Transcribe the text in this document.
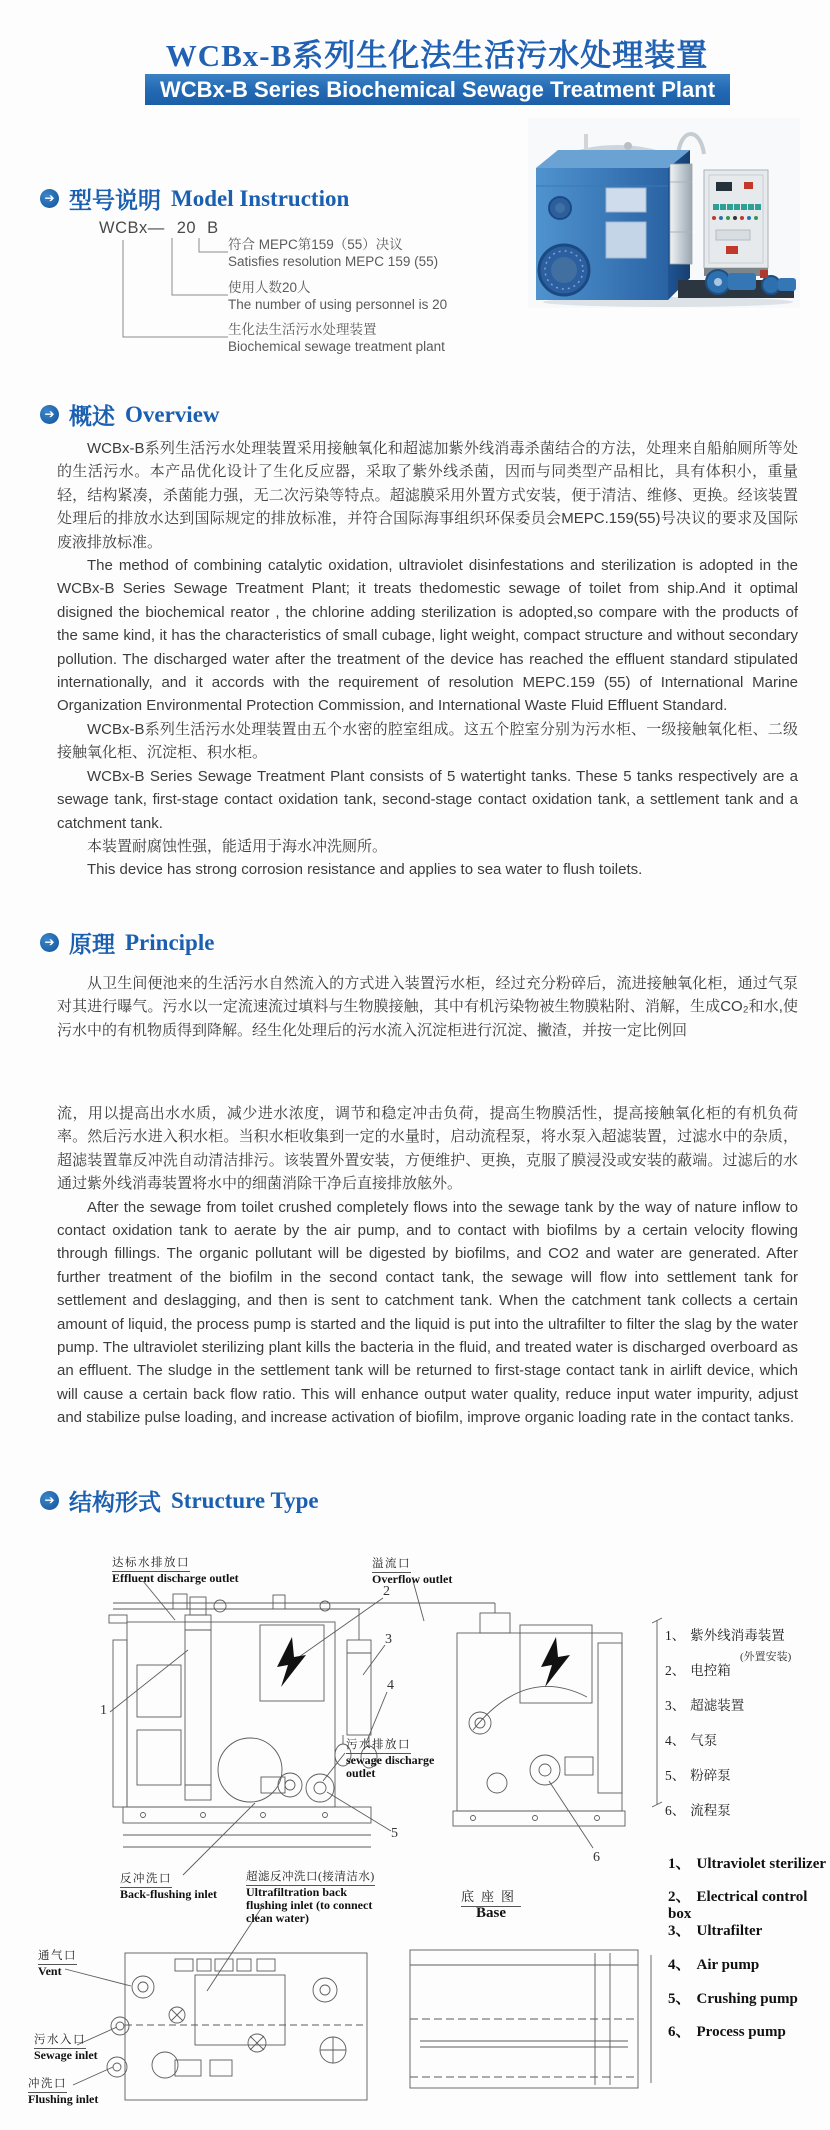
WCBx-B系列生化法生活污水处理装置
WCBx-B Series Biochemical Sewage Treatment Plant
➔ 型号说明 Model Instruction
WCBx— 20 B
符合 MEPC第159（55）决议
Satisfies resolution MEPC 159 (55)
使用人数20人
The number of using personnel is 20
生化法生活污水处理装置
Biochemical sewage treatment plant
➔ 概述 Overview

WCBx-B系列生活污水处理装置采用接触氧化和超滤加紫外线消毒杀菌结合的方法，处理来自船舶厕所等处的生活污水。本产品优化设计了生化反应器，采取了紫外线杀菌，因而与同类型产品相比，具有体积小，重量轻，结构紧凑，杀菌能力强，无二次污染等特点。超滤膜采用外置方式安装，便于清洁、维修、更换。经该装置处理后的排放水达到国际规定的排放标准，并符合国际海事组织环保委员会MEPC.159(55)号决议的要求及国际废液排放标准。

The method of combining catalytic oxidation, ultraviolet disinfestations and sterilization is adopted in the WCBx-B Series Sewage Treatment Plant; it treats thedomestic sewage of toilet from ship.And it optimal disigned the biochemical reator , the chlorine adding sterilization is adopted,so compare with the products of the same kind, it has the characteristics of small cubage, light weight, compact structure and without secondary pollution. The discharged water after the treatment of the device has reached the effluent standard stipulated internationally, and it accords with the requirement of resolution MEPC.159 (55) of International Marine Organization Environmental Protection Commission, and International Waste Fluid Effluent Standard.

WCBx-B系列生活污水处理装置由五个水密的腔室组成。这五个腔室分别为污水柜、一级接触氧化柜、二级接触氧化柜、沉淀柜、积水柜。

WCBx-B Series Sewage Treatment Plant consists of 5 watertight tanks. These 5 tanks respectively are a sewage tank, first-stage contact oxidation tank, second-stage contact oxidation tank, a settlement tank and a catchment tank.

本装置耐腐蚀性强，能适用于海水冲洗厕所。

This device has strong corrosion resistance and applies to sea water to flush toilets.

➔ 原理 Principle

从卫生间便池来的生活污水自然流入的方式进入装置污水柜，经过充分粉碎后，流进接触氧化柜，通过气泵对其进行曝气。污水以一定流速流过填料与生物膜接触，其中有机污染物被生物膜粘附、消解，生成CO₂和水,使污水中的有机物质得到降解。经生化处理后的污水流入沉淀柜进行沉淀、撇渣，并按一定比例回

流，用以提高出水水质，减少进水浓度，调节和稳定冲击负荷，提高生物膜活性，提高接触氧化柜的有机负荷率。然后污水进入积水柜。当积水柜收集到一定的水量时，启动流程泵，将水泵入超滤装置，过滤水中的杂质，超滤装置靠反冲洗自动清洁排污。该装置外置安装，方便维护、更换，克服了膜浸没或安装的蔽端。过滤后的水通过紫外线消毒装置将水中的细菌消除干净后直接排放舷外。

After the sewage from toilet crushed completely flows into the sewage tank by the way of nature inflow to contact oxidation tank to aerate by the air pump, and to contact with biofilms by a certain velocity flowing through fillings. The organic pollutant will be digested by biofilms, and CO2 and water are generated. After further treatment of the biofilm in the second contact tank, the sewage will flow into settlement tank for settlement and deslagging, and then is sent to catchment tank. When the catchment tank collects a certain amount of liquid, the process pump is started and the liquid is put into the ultrafilter to filter the slag by the water pump. The ultraviolet sterilizing plant kills the bacteria in the fluid, and treated water is discharged overboard as an effluent. The sludge in the settlement tank will be returned to first-stage contact tank in airlift device, which will cause a certain back flow ratio. This will enhance output water quality, reduce input water impurity, adjust and stabilize pulse loading, and increase activation of biofilm, improve organic loading rate in the contact tanks.

➔ 结构形式 Structure Type
达标水排放口
Effluent discharge outlet
溢流口
Overflow outlet
污水排放口
sewage discharge outlet
反冲洗口
Back-flushing inlet
超滤反冲洗口(接清洁水)
Ultrafiltration back flushing inlet (to connect clean water)
底座图
Base
通气口
Vent
污水入口
Sewage inlet
冲洗口
Flushing inlet
1
2
3
4
5
6
1、 紫外线消毒装置
2、 电控箱
(外置安装)
3、 超滤装置
4、 气泵
5、 粉碎泵
6、 流程泵
1、 Ultraviolet sterilizer
2、 Electrical control box
3、 Ultrafilter
4、 Air pump
5、 Crushing pump
6、 Process pump
